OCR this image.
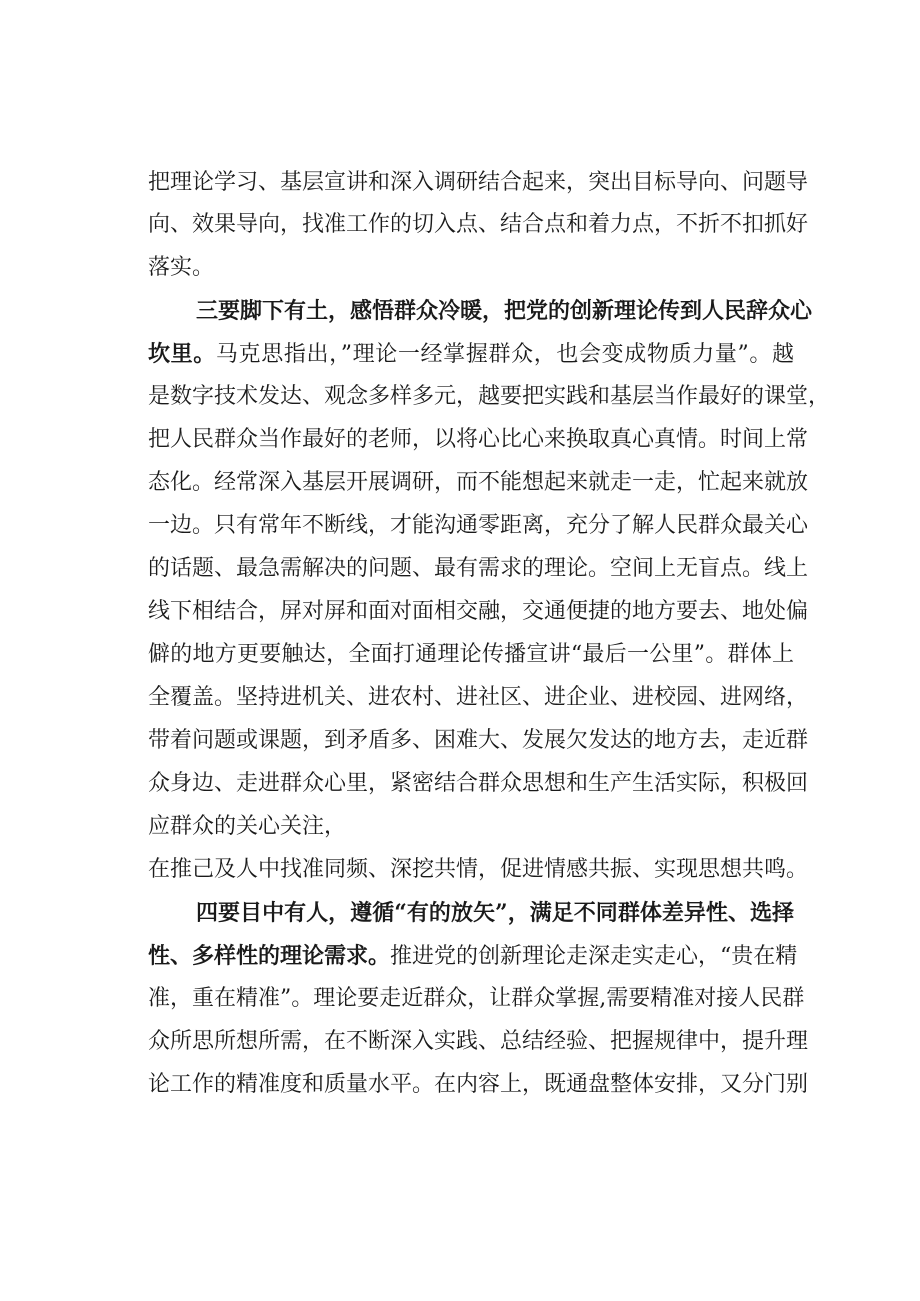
把理论学习、基层宣讲和深入调研结合起来，突出目标导向、问题导

向、效果导向，找准工作的切入点、结合点和着力点，不折不扣抓好

落实。

三要脚下有土，感悟群众冷暖，把党的创新理论传到人民辞众心

坎里。马克思指出，”理论一经掌握群众，也会变成物质力量”。越

是数字技术发达、观念多样多元，越要把实践和基层当作最好的课堂，

把人民群众当作最好的老师，以将心比心来换取真心真情。时间上常

态化。经常深入基层开展调研，而不能想起来就走一走，忙起来就放

一边。只有常年不断线，才能沟通零距离，充分了解人民群众最关心

的话题、最急需解决的问题、最有需求的理论。空间上无盲点。线上

线下相结合，屏对屏和面对面相交融，交通便捷的地方要去、地处偏

僻的地方更要触达，全面打通理论传播宣讲“最后一公里”。群体上

全覆盖。坚持进机关、进农村、进社区、进企业、进校园、进网络，

带着问题或课题，到矛盾多、困难大、发展欠发达的地方去，走近群

众身边、走进群众心里，紧密结合群众思想和生产生活实际，积极回

应群众的关心关注，

在推己及人中找准同频、深挖共情，促进情感共振、实现思想共鸣。

四要目中有人，遵循“有的放矢”，满足不同群体差异性、选择

性、多样性的理论需求。推进党的创新理论走深走实走心，“贵在精

准，重在精准”。理论要走近群众，让群众掌握,需要精准对接人民群

众所思所想所需，在不断深入实践、总结经验、把握规律中，提升理

论工作的精准度和质量水平。在内容上，既通盘整体安排，又分门别
